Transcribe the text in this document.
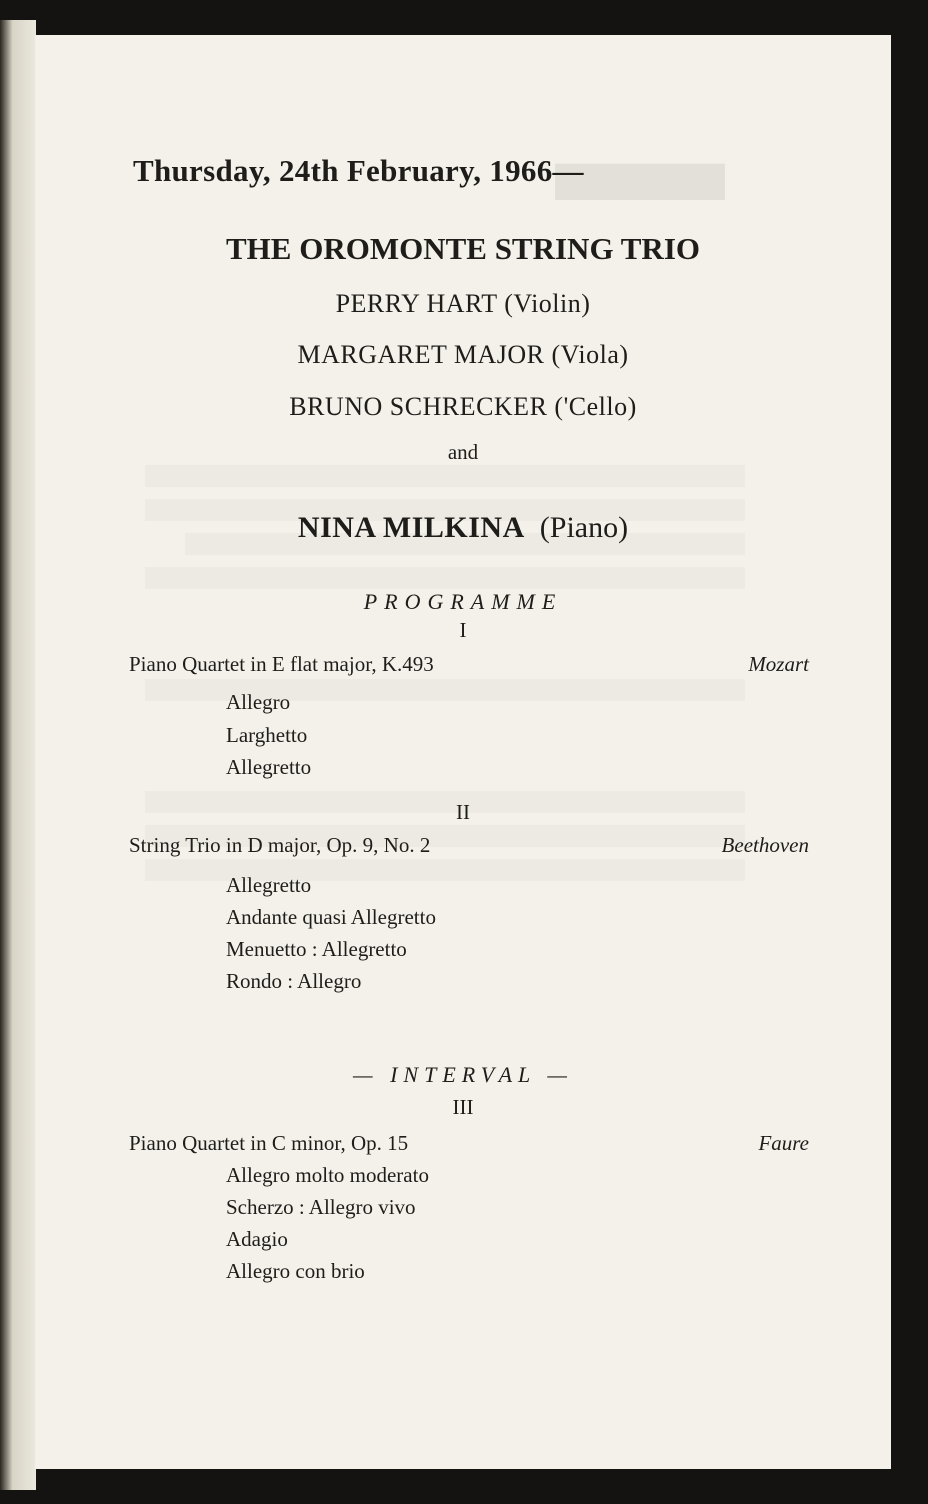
████████
Thursday, 24th February, 1966—
THE OROMONTE STRING TRIO
PERRY HART (Violin)
MARGARET MAJOR (Viola)
BRUNO SCHRECKER ('Cello)
and
NINA MILKINA (Piano)
PROGRAMME
I
Piano Quartet in E flat major, K.493	Mozart
Allegro
Larghetto
Allegretto
II
String Trio in D major, Op. 9, No. 2	Beethoven
Allegretto
Andante quasi Allegretto
Menuetto : Allegretto
Rondo : Allegro
— INTERVAL —
III
Piano Quartet in C minor, Op. 15	Faure
Allegro molto moderato
Scherzo : Allegro vivo
Adagio
Allegro con brio
